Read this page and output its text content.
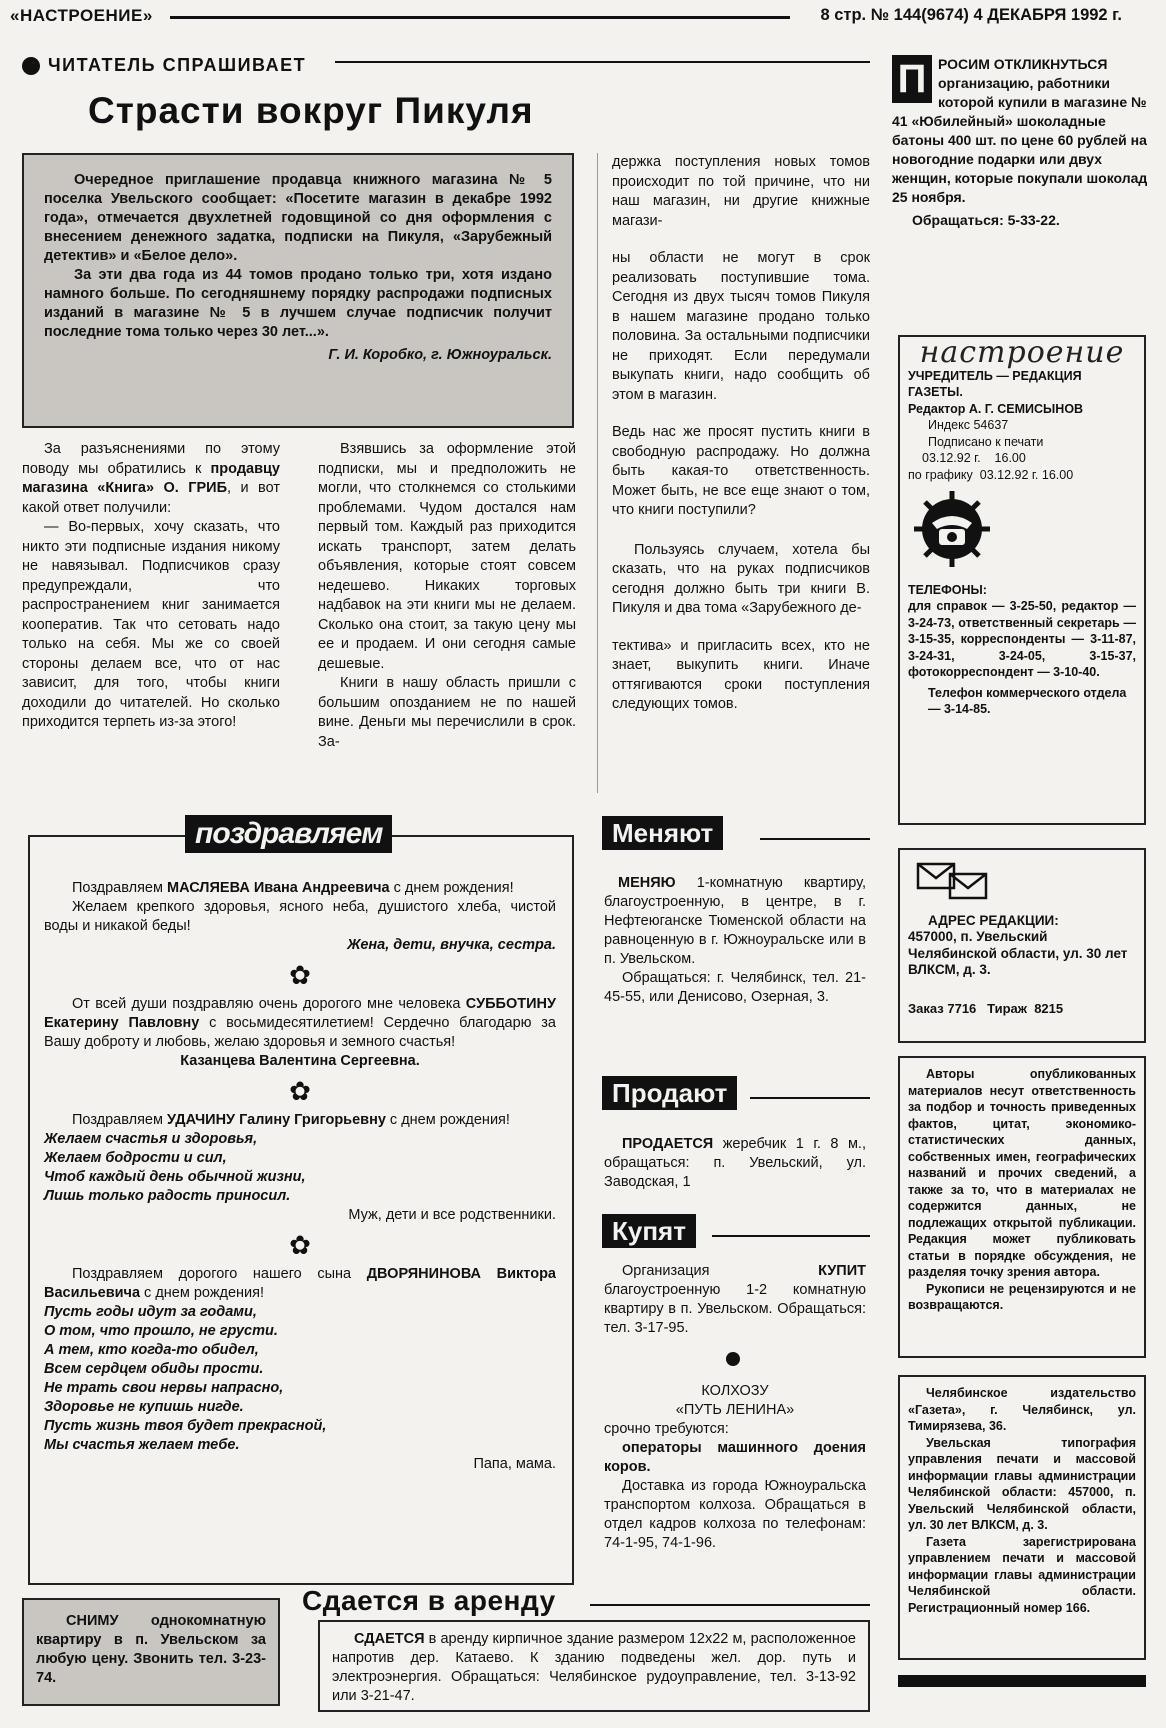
«НАСТРОЕНИЕ»	8 стр. № 144(9674) 4 ДЕКАБРЯ 1992 г.
ЧИТАТЕЛЬ СПРАШИВАЕТ
Страсти вокруг Пикуля

Очередное приглашение продавца книжного магазина № 5 поселка Увельского сообщает: «Посетите магазин в декабре 1992 года», отмечается двухлетней годовщиной со дня оформления с внесением денежного задатка, подписки на Пикуля, «Зарубежный детектив» и «Белое дело».

За эти два года из 44 томов продано только три, хотя издано намного больше. По сегодняшнему порядку распродажи подписных изданий в магазине № 5 в лучшем случае подписчик получит последние тома только через 30 лет...».

Г. И. Коробко, г. Южноуральск.

За разъяснениями по этому поводу мы обратились к продавцу магазина «Книга» О. ГРИБ, и вот какой ответ получили:

— Во-первых, хочу сказать, что никто эти подписные издания никому не навязывал. Подписчиков сразу предупреждали, что распространением книг занимается кооператив. Так что сетовать надо только на себя. Мы же со своей стороны делаем все, что от нас зависит, для того, чтобы книги доходили до читателей. Но сколько приходится терпеть из-за этого!

Взявшись за оформление этой подписки, мы и предположить не могли, что столкнемся со столькими проблемами. Чудом достался нам первый том. Каждый раз приходится искать транспорт, затем делать объявления, которые стоят совсем недешево. Никаких торговых надбавок на эти книги мы не делаем. Сколько она стоит, за такую цену мы ее и продаем. И они сегодня самые дешевые.

Книги в нашу область пришли с большим опозданием не по нашей вине. Деньги мы перечислили в срок. За-

держка поступления новых томов происходит по той причине, что ни наш магазин, ни другие книжные магази-

ны области не могут в срок реализовать поступившие тома. Сегодня из двух тысяч томов Пикуля в нашем магазине продано только половина. За остальными подписчики не приходят. Если передумали выкупать книги, надо сообщить об этом в магазин.

Ведь нас же просят пустить книги в свободную распродажу. Но должна быть какая-то ответственность. Может быть, не все еще знают о том, что книги поступили?

Пользуясь случаем, хотела бы сказать, что на руках подписчиков сегодня должно быть три книги В. Пикуля и два тома «Зарубежного де-

тектива» и пригласить всех, кто не знает, выкупить книги. Иначе оттягиваются сроки поступления следующих томов.

Поздравляем МАСЛЯЕВА Ивана Андреевича с днем рождения!

Желаем крепкого здоровья, ясного неба, душистого хлеба, чистой воды и никакой беды!

Жена, дети, внучка, сестра.
✿

От всей души поздравляю очень дорогого мне человека СУББОТИНУ Екатерину Павловну с восьмидесятилетием! Сердечно благодарю за Вашу доброту и любовь, желаю здоровья и земного счастья!

Казанцева Валентина Сергеевна.
✿

Поздравляем УДАЧИНУ Галину Григорьевну с днем рождения!

Желаем счастья и здоровья,
Желаем бодрости и сил,
Чтоб каждый день обычной жизни,
Лишь только радость приносил.
Муж, дети и все родственники.
✿

Поздравляем дорогого нашего сына ДВОРЯНИНОВА Виктора Васильевича с днем рождения!

Пусть годы идут за годами,
О том, что прошло, не грусти.
А тем, кто когда-то обидел,
Всем сердцем обиды прости.
Не трать свои нервы напрасно,
Здоровье не купишь нигде.
Пусть жизнь твоя будет прекрасной,
Мы счастья желаем тебе.
Папа, мама.
поздравляем	Меняют

МЕНЯЮ 1-комнатную квартиру, благоустроенную, в центре, в г. Нефтеюганске Тюменской области на равноценную в г. Южноуральске или в п. Увельском.

Обращаться: г. Челябинск, тел. 21-45-55, или Денисово, Озерная, 3.

Продают

ПРОДАЕТСЯ жеребчик 1 г. 8 м., обращаться: п. Увельский, ул. Заводская, 1

Купят

Организация КУПИТ благоустроенную 1-2 комнатную квартиру в п. Увельском. Обращаться: тел. 3-17-95.

КОЛХОЗУ
«ПУТЬ ЛЕНИНА»
срочно требуются:

операторы машинного доения коров.

Доставка из города Южноуральска транспортом колхоза. Обращаться в отдел кадров колхоза по телефонам: 74-1-95, 74-1-96.

П РОСИМ ОТКЛИКНУТЬСЯ организацию, работники которой купили в магазине № 41 «Юбилейный» шоколадные батоны 400 шт. по цене 60 рублей на новогодние подарки или двух женщин, которые покупали шоколад 25 ноября.
Обращаться: 5-33-22.
настроение
УЧРЕДИТЕЛЬ — РЕДАКЦИЯ ГАЗЕТЫ.
Редактор А. Г. СЕМИСЫНОВ
Индекс 54637
Подписано к печати
03.12.92 г. 16.00
по графику 03.12.92 г. 16.00
ТЕЛЕФОНЫ:
для справок — 3-25-50, редактор — 3-24-73, ответственный секретарь — 3-15-35, корреспонденты — 3-11-87, 3-24-31, 3-24-05, 3-15-37, фотокорреспондент — 3-10-40.
Телефон коммерческого отдела — 3-14-85.
АДРЕС РЕДАКЦИИ:
457000, п. Увельский Челябинской области, ул. 30 лет ВЛКСМ, д. 3.
Заказ 7716 Тираж 8215
Авторы опубликованных материалов несут ответственность за подбор и точность приведенных фактов, цитат, экономико-статистических данных, собственных имен, географических названий и прочих сведений, а также за то, что в материалах не содержится данных, не подлежащих открытой публикации. Редакция может публиковать статьи в порядке обсуждения, не разделяя точку зрения автора.
Рукописи не рецензируются и не возвращаются.
Челябинское издательство «Газета», г. Челябинск, ул. Тимирязева, 36.
Увельская типография управления печати и массовой информации главы администрации Челябинской области: 457000, п. Увельский Челябинской области, ул. 30 лет ВЛКСМ, д. 3.
Газета зарегистрирована управлением печати и массовой информации главы администрации Челябинской области. Регистрационный номер 166.
СНИМУ однокомнатную квартиру в п. Увельском за любую цену. Звонить тел. 3-23-74.
Сдается в аренду

СДАЕТСЯ в аренду кирпичное здание размером 12х22 м, расположенное напротив дер. Катаево. К зданию подведены жел. дор. путь и электроэнергия. Обращаться: Челябинское рудоуправление, тел. 3-13-92 или 3-21-47.
